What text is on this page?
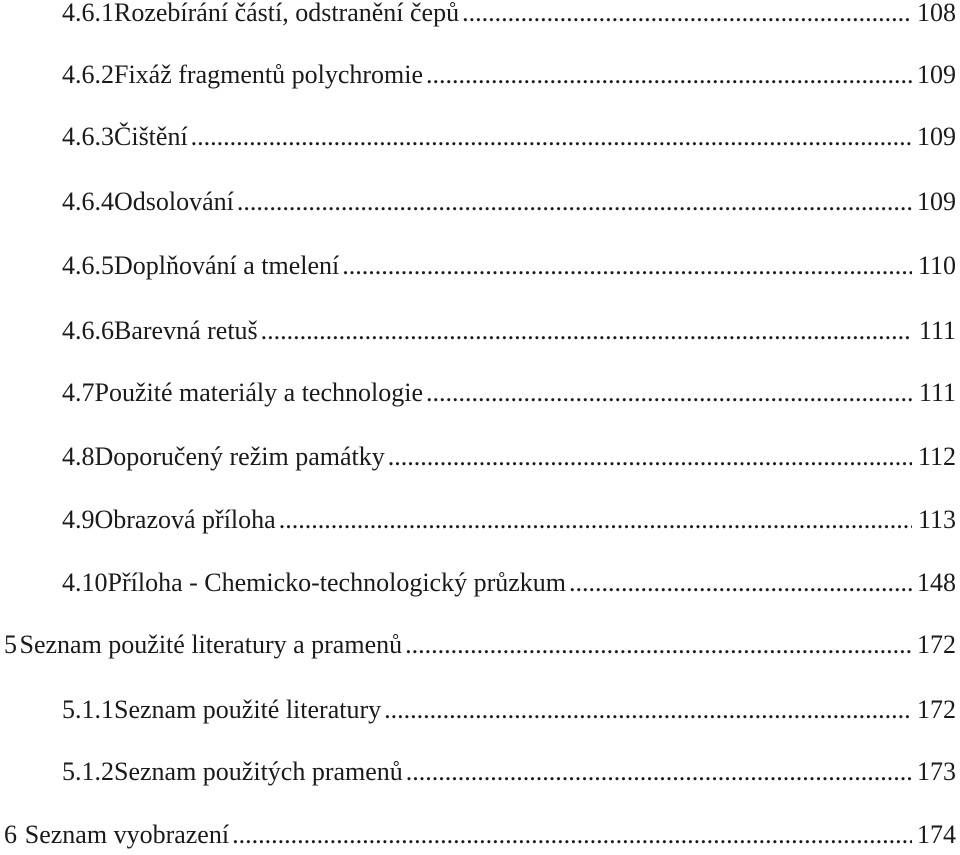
4.6.1 Rozebírání částí, odstranění čepů .....	108
4.6.2 Fixáž fragmentů polychromie .....	109
4.6.3 Čištění .....	109
4.6.4 Odsolování .....	109
4.6.5 Doplňování a tmelení .....	110
4.6.6 Barevná retuš .....	111
4.7 Použité materiály a technologie .....	111
4.8 Doporučený režim památky .....	112
4.9 Obrazová příloha .....	113
4.10 Příloha - Chemicko-technologický průzkum .....	148
5 Seznam použité literatury a pramenů .....	172
5.1.1 Seznam použité literatury .....	172
5.1.2 Seznam použitých pramenů .....	173
6 Seznam vyobrazení .....	174
